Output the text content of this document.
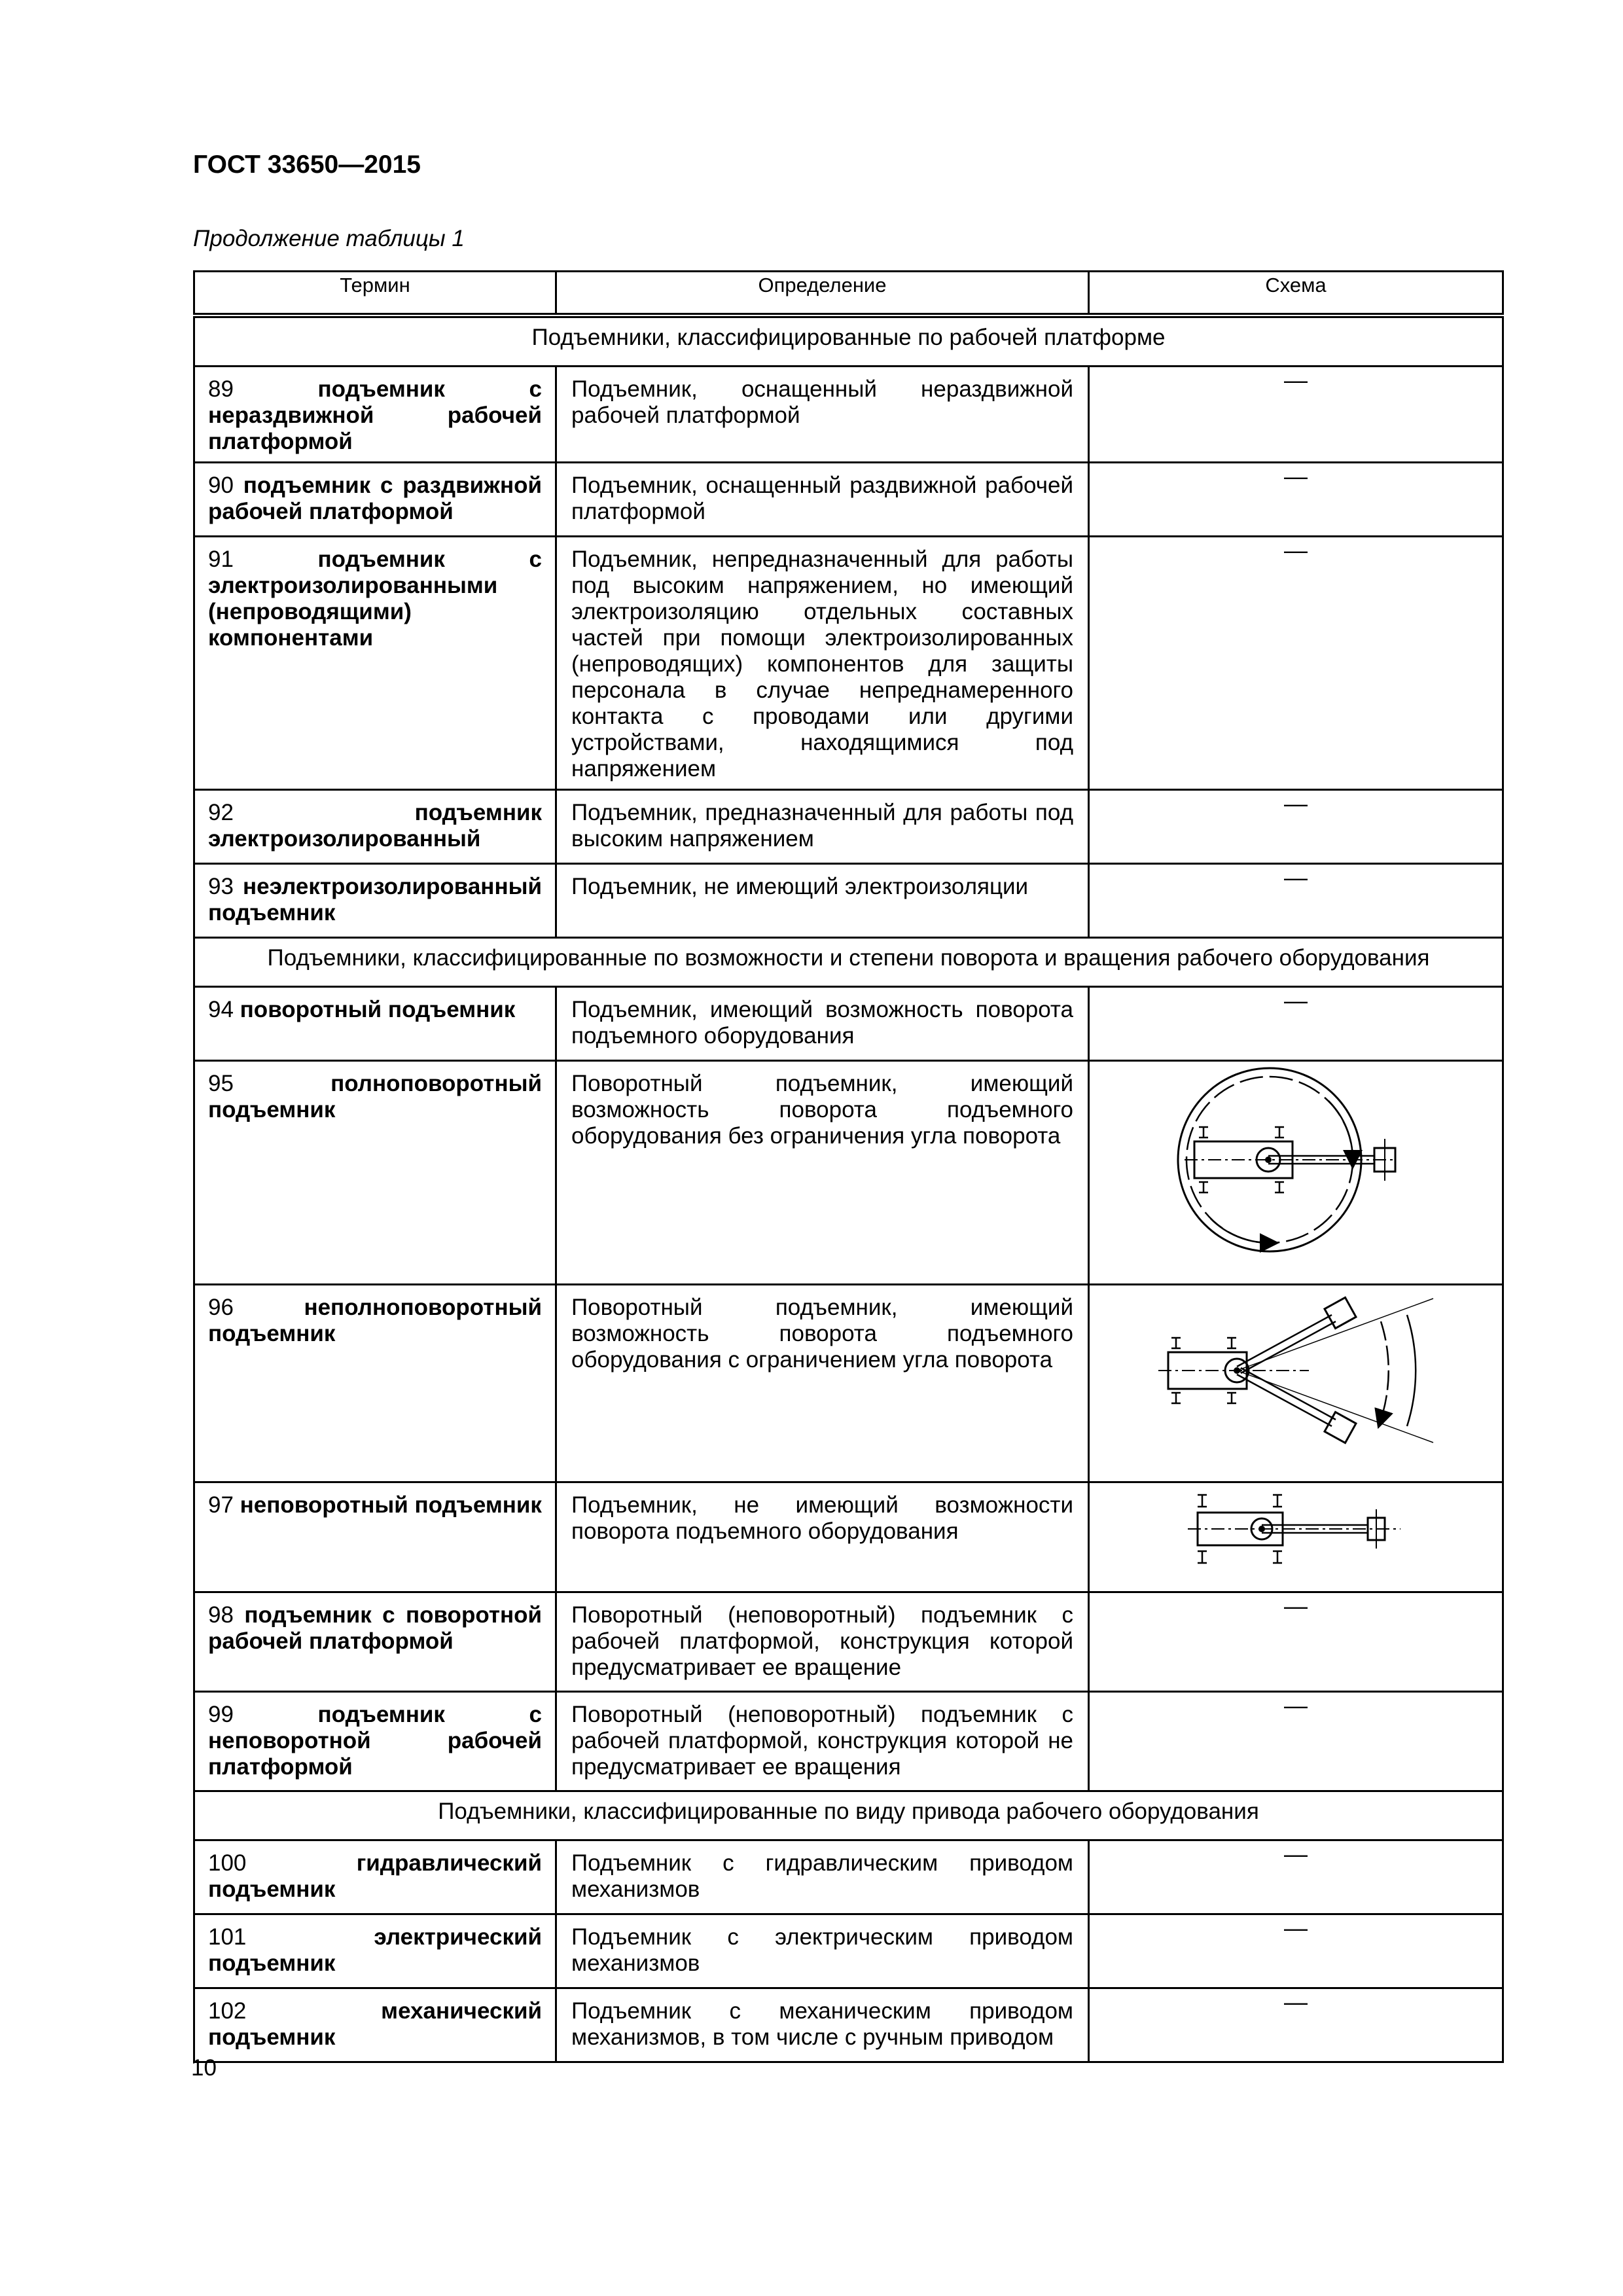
ГОСТ 33650—2015
Продолжение таблицы 1
Термин	Определение	Схема
Подъемники, классифицированные по рабочей платформе		
89 подъемник с нераздвижной рабочей платформой	Подъемник, оснащенный нераздвижной рабочей платформой	—
90 подъемник с раздвижной рабочей платформой	Подъемник, оснащенный раздвижной рабочей платформой	—
91 подъемник с электроизолированными (непроводящими) компонентами	Подъемник, непредназначенный для работы под высоким напряжением, но имеющий электроизоляцию отдельных составных частей при помощи электроизолированных (непроводящих) компонентов для защиты персонала в случае непреднамеренного контакта с проводами или другими устройствами, находящимися под напряжением	—
92 подъемник электроизолированный	Подъемник, предназначенный для работы под высоким напряжением	—
93 неэлектроизолированный подъемник	Подъемник, не имеющий электроизоляции	—
Подъемники, классифицированные по возможности и степени поворота и вращения рабочего оборудования		
94 поворотный подъемник	Подъемник, имеющий возможность поворота подъемного оборудования	—
95 полноповоротный подъемник	Поворотный подъемник, имеющий возможность поворота подъемного оборудования без ограничения угла поворота	

96 неполноповоротный подъемник	Поворотный подъемник, имеющий возможность поворота подъемного оборудования с ограничением угла поворота	

97 неповоротный подъемник	Подъемник, не имеющий возможности поворота подъемного оборудования	

98 подъемник с поворотной рабочей платформой	Поворотный (неповоротный) подъемник с рабочей платформой, конструкция которой предусматривает ее вращение	—
99 подъемник с неповоротной рабочей платформой	Поворотный (неповоротный) подъемник с рабочей платформой, конструкция которой не предусматривает ее вращения	—
Подъемники, классифицированные по виду привода рабочего оборудования		
100 гидравлический подъемник	Подъемник с гидравлическим приводом механизмов	—
101 электрический подъемник	Подъемник с электрическим приводом механизмов	—
102 механический подъемник	Подъемник с механическим приводом механизмов, в том числе с ручным приводом	—
10
